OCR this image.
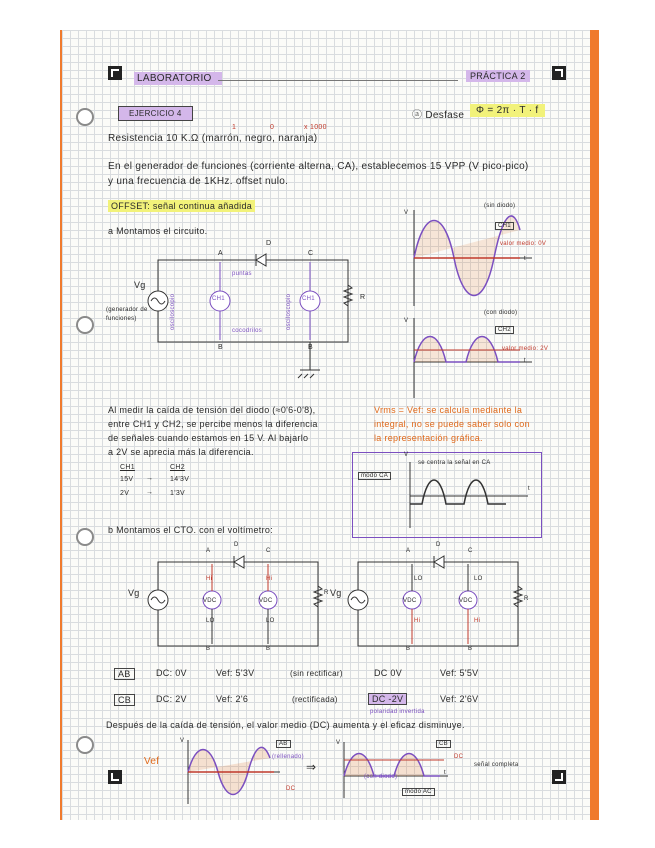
LABORATORIO	PRÁCTICA 2
EJERCICIO 4	ⓐ Desfase	Φ = 2π · T · f
1	0	x 1000
Resistencia 10 K.Ω (marrón, negro, naranja)
En el generador de funciones (corriente alterna, CA), establecemos 15 VPP (V pico-pico)
y una frecuencia de 1KHz. offset nulo.
OFFSET: señal continua añadida
a Montamos el circuito.
D
A	C
B	B
R
Vg
(generador de funciones)
CH1	CH1
puntas
cocodrilos
osciloscopio	osciloscopio
(sin diodo)
CH1
valor medio: 0V
V
t
(con diodo)
CH2
valor medio: 2V
V
t
Al medir la caída de tensión del diodo (≈0'6-0'8),
entre CH1 y CH2, se percibe menos la diferencia
de señales cuando estamos en 15 V. Al bajarlo
a 2V se aprecia más la diferencia.
CH1	CH2
15V → 14'3V
2V → 1'3V
Vrms = Vef: se calcula mediante la
integral, no se puede saber solo con
la representación gráfica.
modo CA
se centra la señal en CA
V
t
b Montamos el CTO. con el voltímetro:
Vg
A
D
C
B	B
R
Hi	Hi
LO	LO
VDC	VDC
Vg
A
D
C
B	B
R
LO	LO
Hi	Hi
VDC	VDC
AB	DC: 0V	Vef: 5'3V	(sin rectificar)	DC 0V	Vef: 5'5V
CB	DC: 2V	Vef: 2'6	(rectificada)	DC -2V	Vef: 2'6V
polaridad invertida
Después de la caída de tensión, el valor medio (DC) aumenta y el eficaz disminuye.
Vef
V	AB
(rellenado)
DC
⇒
V
t
CB
DC
(con diodo)
modo AC
señal completa
